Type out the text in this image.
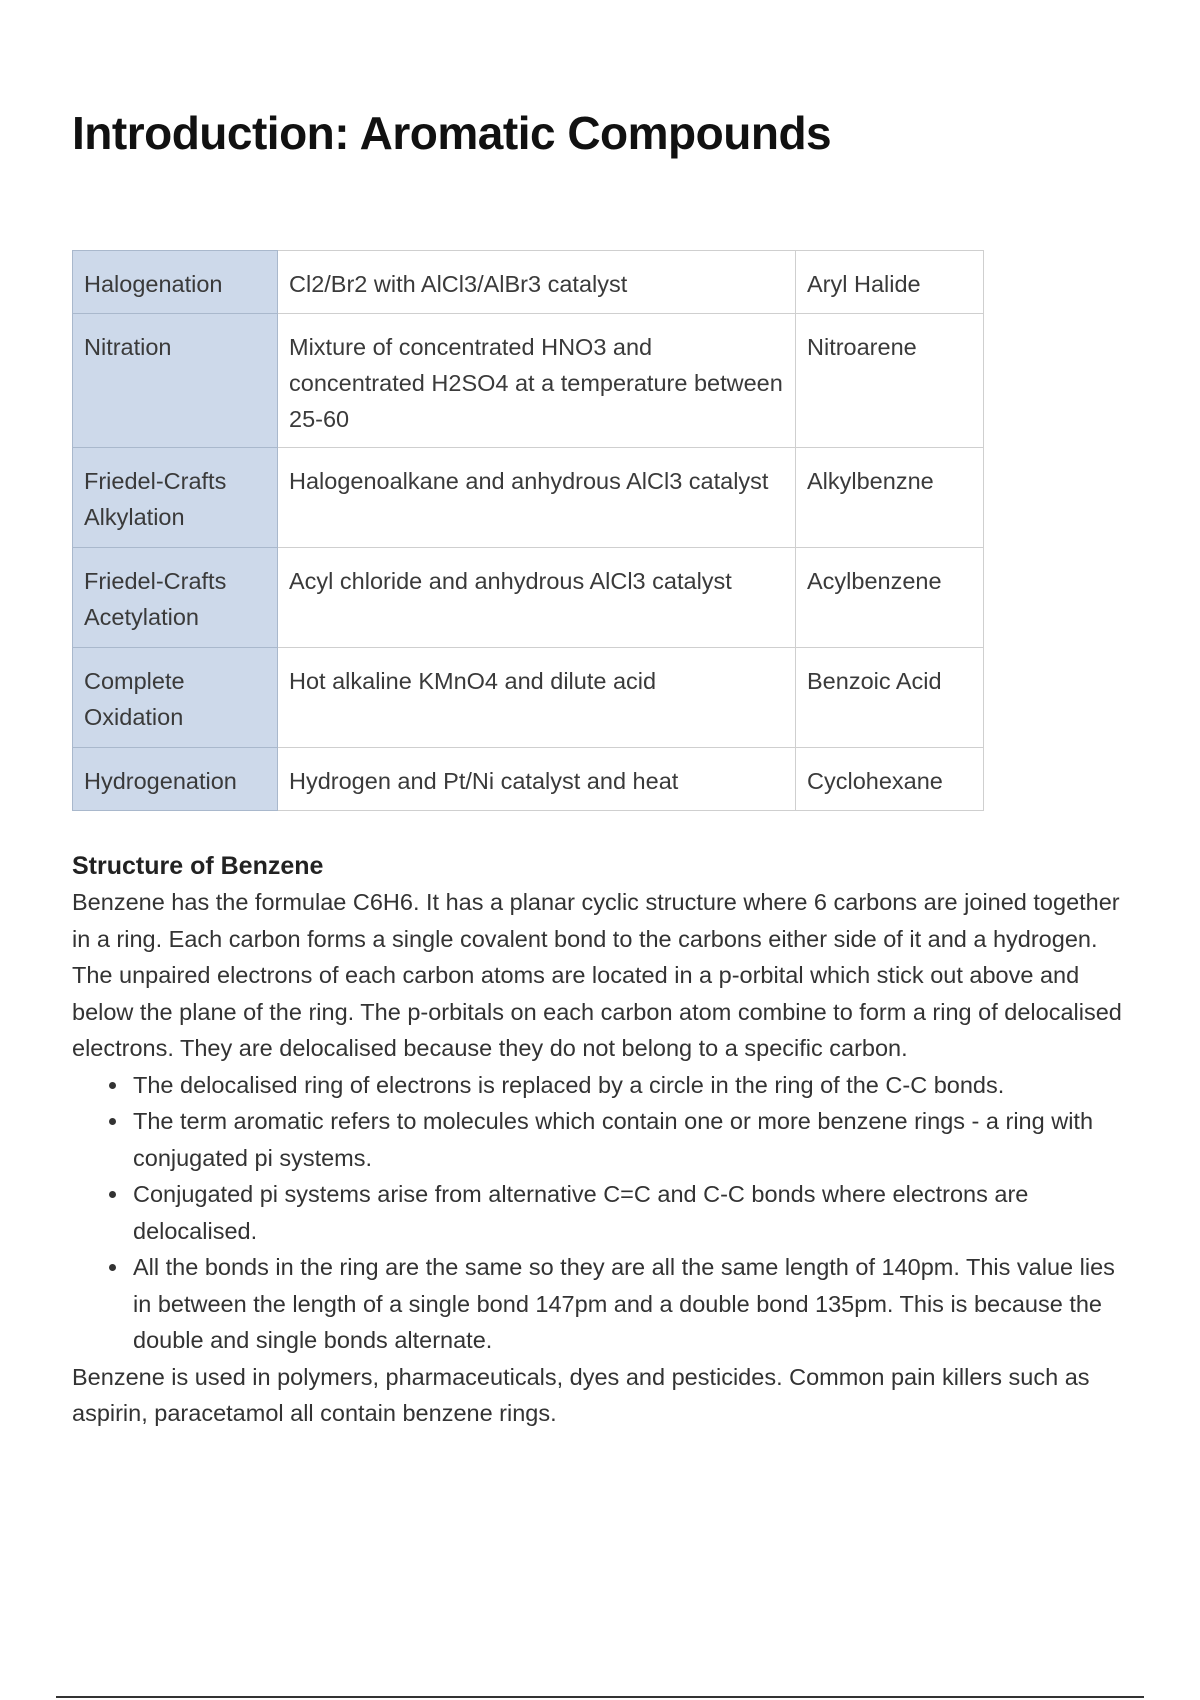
Introduction: Aromatic Compounds
Halogenation	Cl2/Br2 with AlCl3/AlBr3 catalyst	Aryl Halide
Nitration	Mixture of concentrated HNO3 and concentrated H2SO4 at a temperature between 25-60	Nitroarene
Friedel-Crafts Alkylation	Halogenoalkane and anhydrous AlCl3 catalyst	Alkylbenzne
Friedel-Crafts Acetylation	Acyl chloride and anhydrous AlCl3 catalyst	Acylbenzene
Complete Oxidation	Hot alkaline KMnO4 and dilute acid	Benzoic Acid
Hydrogenation	Hydrogen and Pt/Ni catalyst and heat	Cyclohexane
Structure of Benzene

Benzene has the formulae C6H6. It has a planar cyclic structure where 6 carbons are joined together in a ring. Each carbon forms a single covalent bond to the carbons either side of it and a hydrogen. The unpaired electrons of each carbon atoms are located in a p-orbital which stick out above and below the plane of the ring. The p-orbitals on each carbon atom combine to form a ring of delocalised electrons. They are delocalised because they do not belong to a specific carbon.

The delocalised ring of electrons is replaced by a circle in the ring of the C-C bonds.
The term aromatic refers to molecules which contain one or more benzene rings - a ring with conjugated pi systems.
Conjugated pi systems arise from alternative C=C and C-C bonds where electrons are delocalised.
All the bonds in the ring are the same so they are all the same length of 140pm. This value lies in between the length of a single bond 147pm and a double bond 135pm. This is because the double and single bonds alternate.

Benzene is used in polymers, pharmaceuticals, dyes and pesticides. Common pain killers such as aspirin, paracetamol all contain benzene rings.
